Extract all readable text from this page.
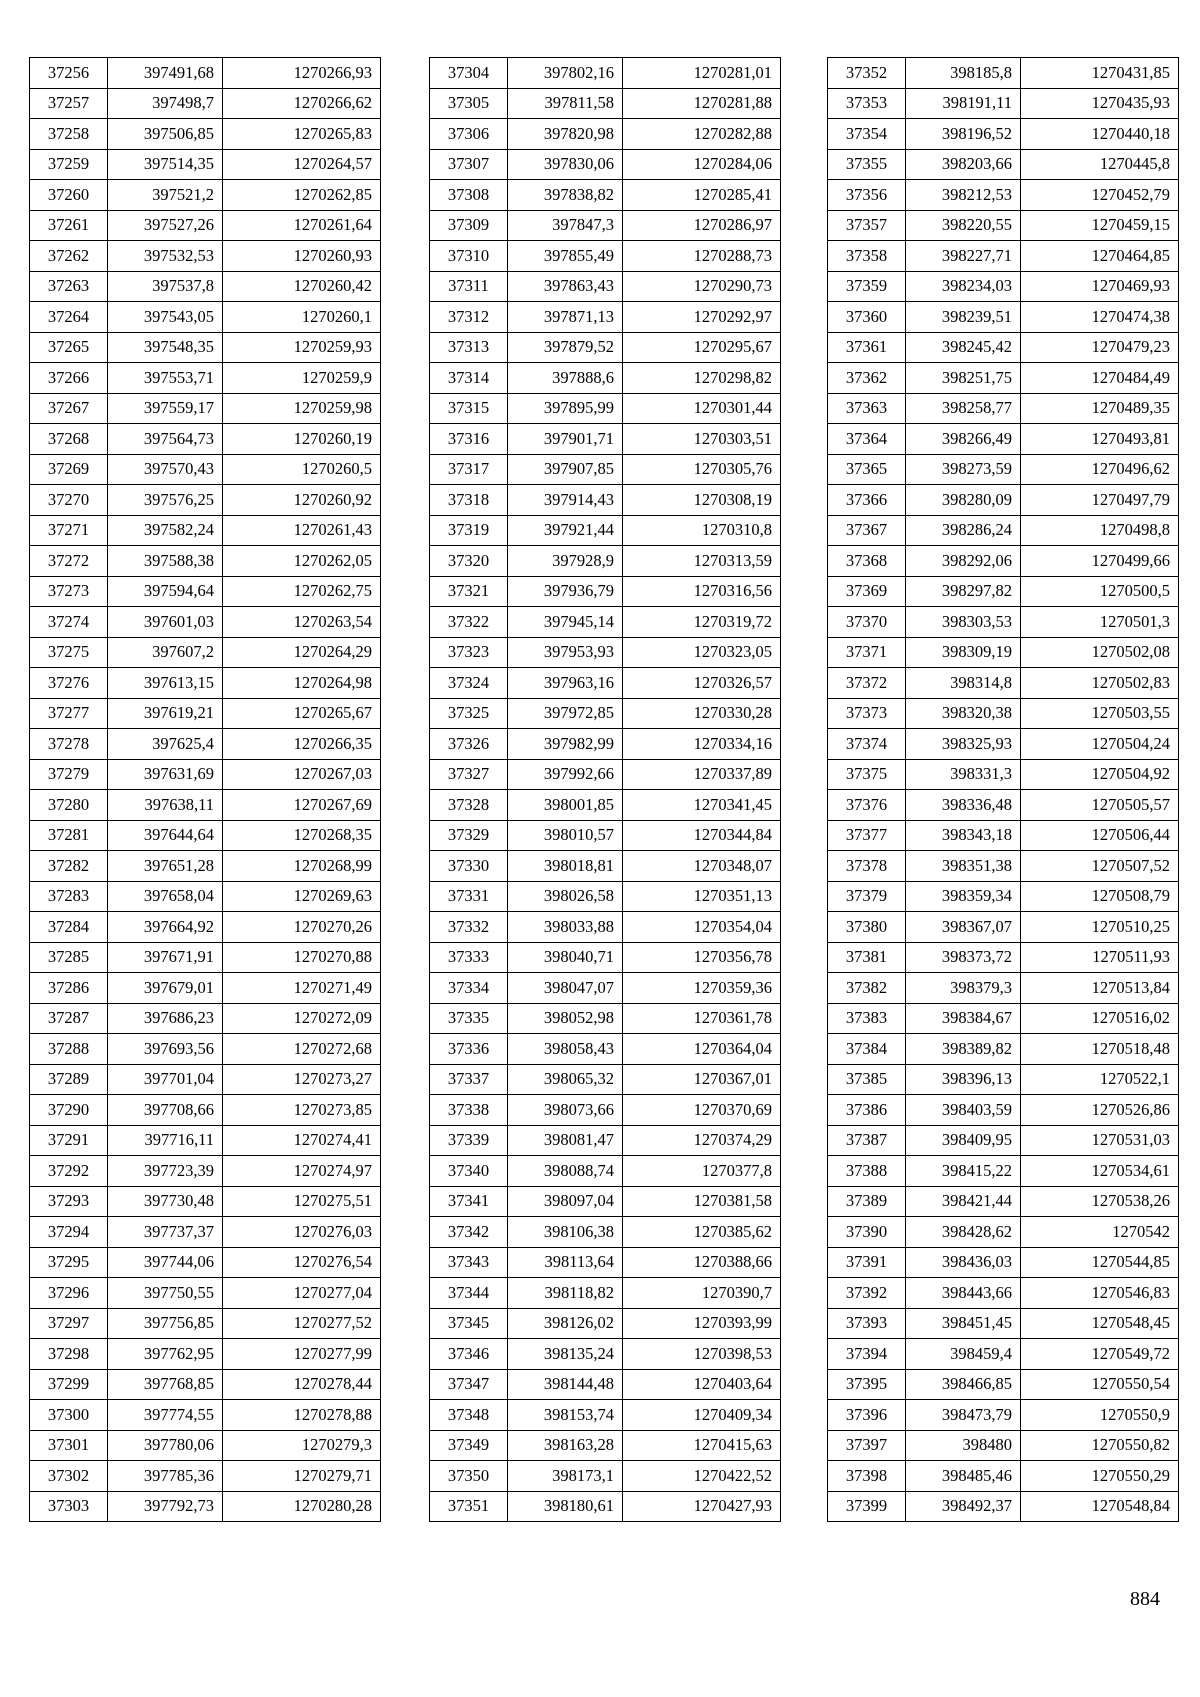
37256	397491,68	1270266,93
37257	397498,7	1270266,62
37258	397506,85	1270265,83
37259	397514,35	1270264,57
37260	397521,2	1270262,85
37261	397527,26	1270261,64
37262	397532,53	1270260,93
37263	397537,8	1270260,42
37264	397543,05	1270260,1
37265	397548,35	1270259,93
37266	397553,71	1270259,9
37267	397559,17	1270259,98
37268	397564,73	1270260,19
37269	397570,43	1270260,5
37270	397576,25	1270260,92
37271	397582,24	1270261,43
37272	397588,38	1270262,05
37273	397594,64	1270262,75
37274	397601,03	1270263,54
37275	397607,2	1270264,29
37276	397613,15	1270264,98
37277	397619,21	1270265,67
37278	397625,4	1270266,35
37279	397631,69	1270267,03
37280	397638,11	1270267,69
37281	397644,64	1270268,35
37282	397651,28	1270268,99
37283	397658,04	1270269,63
37284	397664,92	1270270,26
37285	397671,91	1270270,88
37286	397679,01	1270271,49
37287	397686,23	1270272,09
37288	397693,56	1270272,68
37289	397701,04	1270273,27
37290	397708,66	1270273,85
37291	397716,11	1270274,41
37292	397723,39	1270274,97
37293	397730,48	1270275,51
37294	397737,37	1270276,03
37295	397744,06	1270276,54
37296	397750,55	1270277,04
37297	397756,85	1270277,52
37298	397762,95	1270277,99
37299	397768,85	1270278,44
37300	397774,55	1270278,88
37301	397780,06	1270279,3
37302	397785,36	1270279,71
37303	397792,73	1270280,28
37304	397802,16	1270281,01
37305	397811,58	1270281,88
37306	397820,98	1270282,88
37307	397830,06	1270284,06
37308	397838,82	1270285,41
37309	397847,3	1270286,97
37310	397855,49	1270288,73
37311	397863,43	1270290,73
37312	397871,13	1270292,97
37313	397879,52	1270295,67
37314	397888,6	1270298,82
37315	397895,99	1270301,44
37316	397901,71	1270303,51
37317	397907,85	1270305,76
37318	397914,43	1270308,19
37319	397921,44	1270310,8
37320	397928,9	1270313,59
37321	397936,79	1270316,56
37322	397945,14	1270319,72
37323	397953,93	1270323,05
37324	397963,16	1270326,57
37325	397972,85	1270330,28
37326	397982,99	1270334,16
37327	397992,66	1270337,89
37328	398001,85	1270341,45
37329	398010,57	1270344,84
37330	398018,81	1270348,07
37331	398026,58	1270351,13
37332	398033,88	1270354,04
37333	398040,71	1270356,78
37334	398047,07	1270359,36
37335	398052,98	1270361,78
37336	398058,43	1270364,04
37337	398065,32	1270367,01
37338	398073,66	1270370,69
37339	398081,47	1270374,29
37340	398088,74	1270377,8
37341	398097,04	1270381,58
37342	398106,38	1270385,62
37343	398113,64	1270388,66
37344	398118,82	1270390,7
37345	398126,02	1270393,99
37346	398135,24	1270398,53
37347	398144,48	1270403,64
37348	398153,74	1270409,34
37349	398163,28	1270415,63
37350	398173,1	1270422,52
37351	398180,61	1270427,93
37352	398185,8	1270431,85
37353	398191,11	1270435,93
37354	398196,52	1270440,18
37355	398203,66	1270445,8
37356	398212,53	1270452,79
37357	398220,55	1270459,15
37358	398227,71	1270464,85
37359	398234,03	1270469,93
37360	398239,51	1270474,38
37361	398245,42	1270479,23
37362	398251,75	1270484,49
37363	398258,77	1270489,35
37364	398266,49	1270493,81
37365	398273,59	1270496,62
37366	398280,09	1270497,79
37367	398286,24	1270498,8
37368	398292,06	1270499,66
37369	398297,82	1270500,5
37370	398303,53	1270501,3
37371	398309,19	1270502,08
37372	398314,8	1270502,83
37373	398320,38	1270503,55
37374	398325,93	1270504,24
37375	398331,3	1270504,92
37376	398336,48	1270505,57
37377	398343,18	1270506,44
37378	398351,38	1270507,52
37379	398359,34	1270508,79
37380	398367,07	1270510,25
37381	398373,72	1270511,93
37382	398379,3	1270513,84
37383	398384,67	1270516,02
37384	398389,82	1270518,48
37385	398396,13	1270522,1
37386	398403,59	1270526,86
37387	398409,95	1270531,03
37388	398415,22	1270534,61
37389	398421,44	1270538,26
37390	398428,62	1270542
37391	398436,03	1270544,85
37392	398443,66	1270546,83
37393	398451,45	1270548,45
37394	398459,4	1270549,72
37395	398466,85	1270550,54
37396	398473,79	1270550,9
37397	398480	1270550,82
37398	398485,46	1270550,29
37399	398492,37	1270548,84
884
